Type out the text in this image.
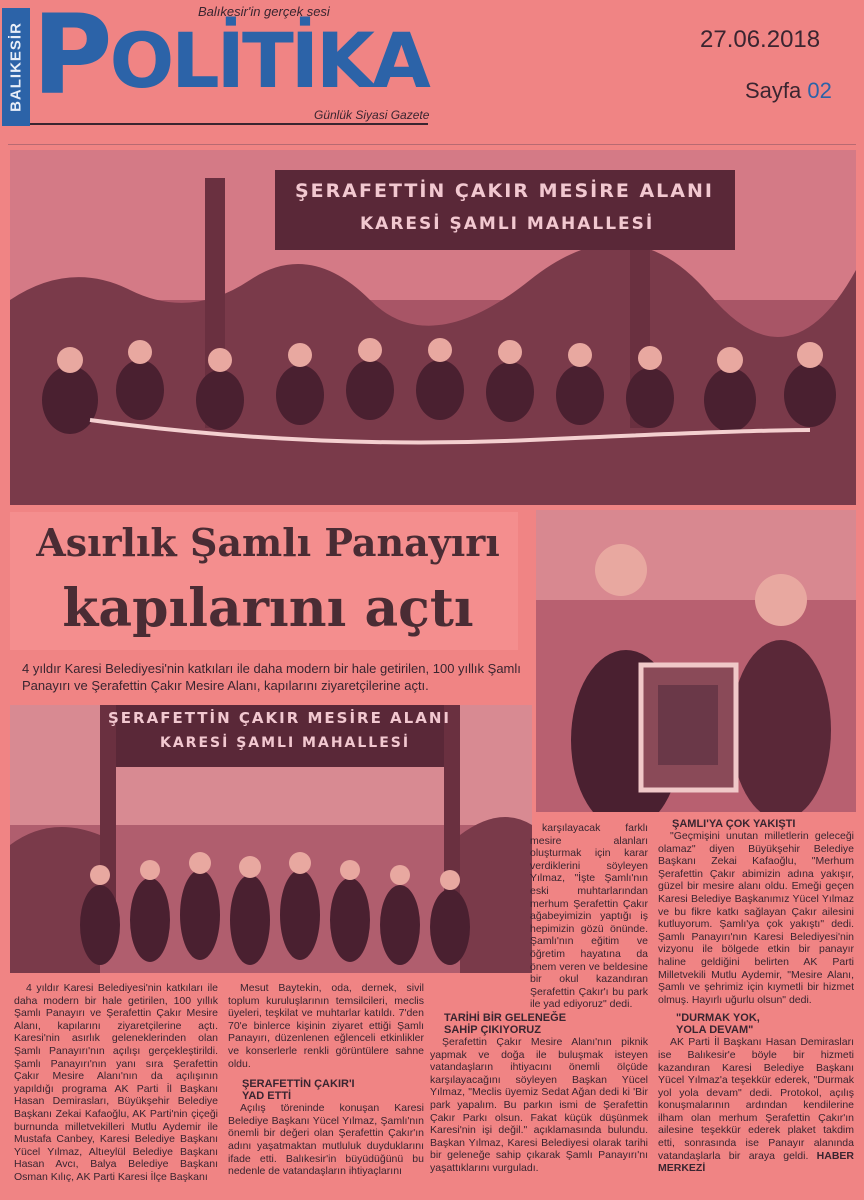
BALIKESİR POLİTİKA
Balıkesir'in gerçek sesi
Günlük Siyasi Gazete
27.06.2018
Sayfa 02
ŞERAFETTİN ÇAKIR MESİRE ALANI
KARESİ ŞAMLI MAHALLESİ
Asırlık Şamlı Panayırı
kapılarını açtı
4 yıldır Karesi Belediyesi'nin katkıları ile daha modern bir hale getirilen, 100 yıllık Şamlı Panayırı ve Şerafettin Çakır Mesire Alanı, kapılarını ziyaretçilerine açtı.
ŞERAFETTİN ÇAKIR MESİRE ALANI
KARESİ ŞAMLI MAHALLESİ

4 yıldır Karesi Belediyesi'nin katkıları ile daha modern bir hale getirilen, 100 yıllık Şamlı Panayırı ve Şerafettin Çakır Mesire Alanı, kapılarını ziyaretçilerine açtı. Karesi'nin asırlık geleneklerinden olan Şamlı Panayırı'nın açılışı gerçekleştirildi. Şamlı Panayırı'nın yanı sıra Şerafettin Çakır Mesire Alanı'nın da açılışının yapıldığı programa AK Parti İl Başkanı Hasan Demirasları, Büyükşehir Belediye Başkanı Zekai Kafaoğlu, AK Parti'nin çiçeği burnunda milletvekilleri Mutlu Aydemir ile Mustafa Canbey, Karesi Belediye Başkanı Yücel Yılmaz, Altıeylül Belediye Başkanı Hasan Avcı, Balya Belediye Başkanı Osman Kılıç, AK Parti Karesi İlçe Başkanı

Mesut Baytekin, oda, dernek, sivil toplum kuruluşlarının temsilcileri, meclis üyeleri, teşkilat ve muhtarlar katıldı. 7'den 70'e binlerce kişinin ziyaret ettiği Şamlı Panayırı, düzenlenen eğlenceli etkinlikler ve konserlerle renkli görüntülere sahne oldu.

ŞERAFETTİN ÇAKIR'I
YAD ETTİ

Açılış töreninde konuşan Karesi Belediye Başkanı Yücel Yılmaz, Şamlı'nın önemli bir değeri olan Şerafettin Çakır'ın adını yaşatmaktan mutluluk duyduklarını ifade etti. Balıkesir'in büyüdüğünü bu nedenle de vatandaşların ihtiyaçlarını

karşılayacak farklı mesire alanları oluşturmak için karar verdiklerini söyleyen Yılmaz, "İşte Şamlı'nın eski muhtarlarından merhum Şerafettin Çakır ağabeyimizin yaptığı iş hepimizin gözü önünde. Şamlı'nın eğitim ve öğretim hayatına da önem veren ve beldesine bir okul kazandıran Şerafettin Çakır'ı bu park ile yad ediyoruz" dedi.

TARİHİ BİR GELENEĞE
SAHİP ÇIKIYORUZ

Şerafettin Çakır Mesire Alanı'nın piknik yapmak ve doğa ile buluşmak isteyen vatandaşların ihtiyacını önemli ölçüde karşılayacağını söyleyen Başkan Yücel Yılmaz, "Meclis üyemiz Sedat Ağan dedi ki 'Bir park yapalım. Bu parkın ismi de Şerafettin Çakır Parkı olsun. Fakat küçük düşünmek Karesi'nin işi değil." açıklamasında bulundu. Başkan Yılmaz, Karesi Belediyesi olarak tarihi bir geleneğe sahip çıkarak Şamlı Panayırı'nı yaşattıklarını vurguladı.

ŞAMLI'YA ÇOK YAKIŞTI

"Geçmişini unutan milletlerin geleceği olamaz" diyen Büyükşehir Belediye Başkanı Zekai Kafaoğlu, "Merhum Şerafettin Çakır abimizin adına yakışır, güzel bir mesire alanı oldu. Emeği geçen Karesi Belediye Başkanımız Yücel Yılmaz ve bu fikre katkı sağlayan Çakır ailesini kutluyorum. Şamlı'ya çok yakıştı" dedi. Şamlı Panayırı'nın Karesi Belediyesi'nin vizyonu ile bölgede etkin bir panayır haline geldiğini belirten AK Parti Milletvekili Mutlu Aydemir, "Mesire Alanı, Şamlı ve şehrimiz için kıymetli bir hizmet olmuş. Hayırlı uğurlu olsun" dedi.

"DURMAK YOK,
YOLA DEVAM"

AK Parti İl Başkanı Hasan Demirasları ise Balıkesir'e böyle bir hizmeti kazandıran Karesi Belediye Başkanı Yücel Yılmaz'a teşekkür ederek, "Durmak yol yola devam" dedi. Protokol, açılış konuşmalarının ardından kendilerine ilham olan merhum Şerafettin Çakır'ın ailesine teşekkür ederek plaket takdim etti, sonrasında ise Panayır alanında vatandaşlarla bir araya geldi. HABER MERKEZİ
